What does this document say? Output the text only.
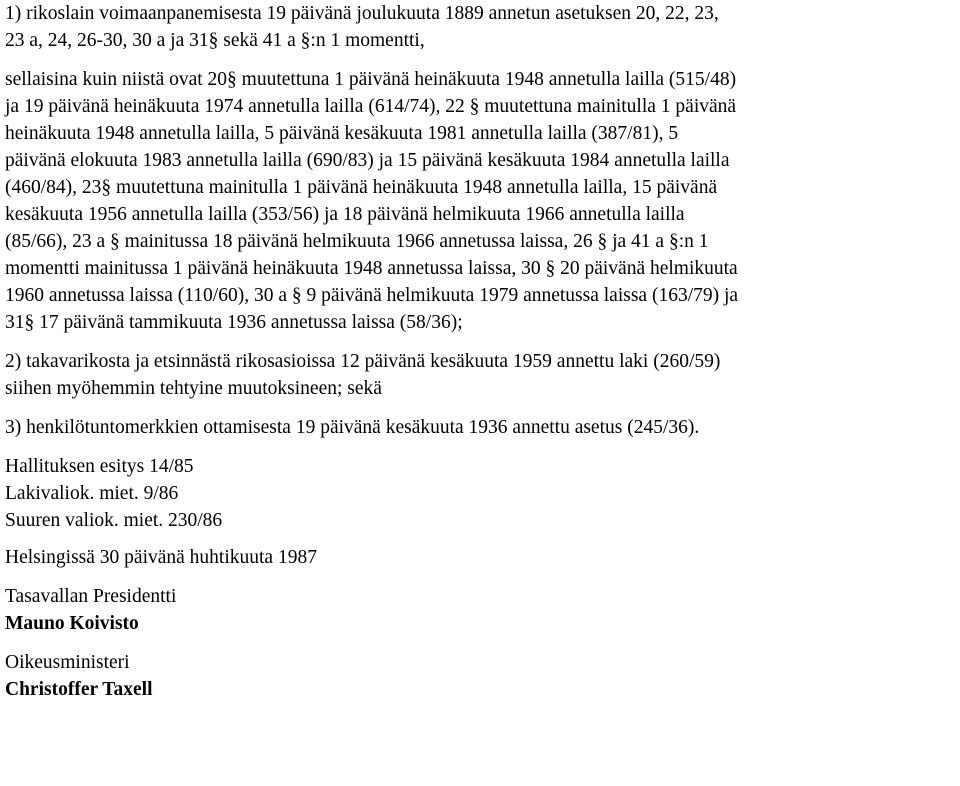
1) rikoslain voimaanpanemisesta 19 päivänä joulukuuta 1889 annetun asetuksen 20, 22, 23,
23 a, 24, 26-30, 30 a ja 31§ sekä 41 a §:n 1 momentti,

sellaisina kuin niistä ovat 20§ muutettuna 1 päivänä heinäkuuta 1948 annetulla lailla (515/48)
ja 19 päivänä heinäkuuta 1974 annetulla lailla (614/74), 22 § muutettuna mainitulla 1 päivänä
heinäkuuta 1948 annetulla lailla, 5 päivänä kesäkuuta 1981 annetulla lailla (387/81), 5
päivänä elokuuta 1983 annetulla lailla (690/83) ja 15 päivänä kesäkuuta 1984 annetulla lailla
(460/84), 23§ muutettuna mainitulla 1 päivänä heinäkuuta 1948 annetulla lailla, 15 päivänä
kesäkuuta 1956 annetulla lailla (353/56) ja 18 päivänä helmikuuta 1966 annetulla lailla
(85/66), 23 a § mainitussa 18 päivänä helmikuuta 1966 annetussa laissa, 26 § ja 41 a §:n 1
momentti mainitussa 1 päivänä heinäkuuta 1948 annetussa laissa, 30 § 20 päivänä helmikuuta
1960 annetussa laissa (110/60), 30 a § 9 päivänä helmikuuta 1979 annetussa laissa (163/79) ja
31§ 17 päivänä tammikuuta 1936 annetussa laissa (58/36);

2) takavarikosta ja etsinnästä rikosasioissa 12 päivänä kesäkuuta 1959 annettu laki (260/59)
siihen myöhemmin tehtyine muutoksineen; sekä

3) henkilötuntomerkkien ottamisesta 19 päivänä kesäkuuta 1936 annettu asetus (245/36).

Hallituksen esitys 14/85
Lakivaliok. miet. 9/86
Suuren valiok. miet. 230/86

Helsingissä 30 päivänä huhtikuuta 1987

Tasavallan Presidentti
Mauno Koivisto

Oikeusministeri
Christoffer Taxell
